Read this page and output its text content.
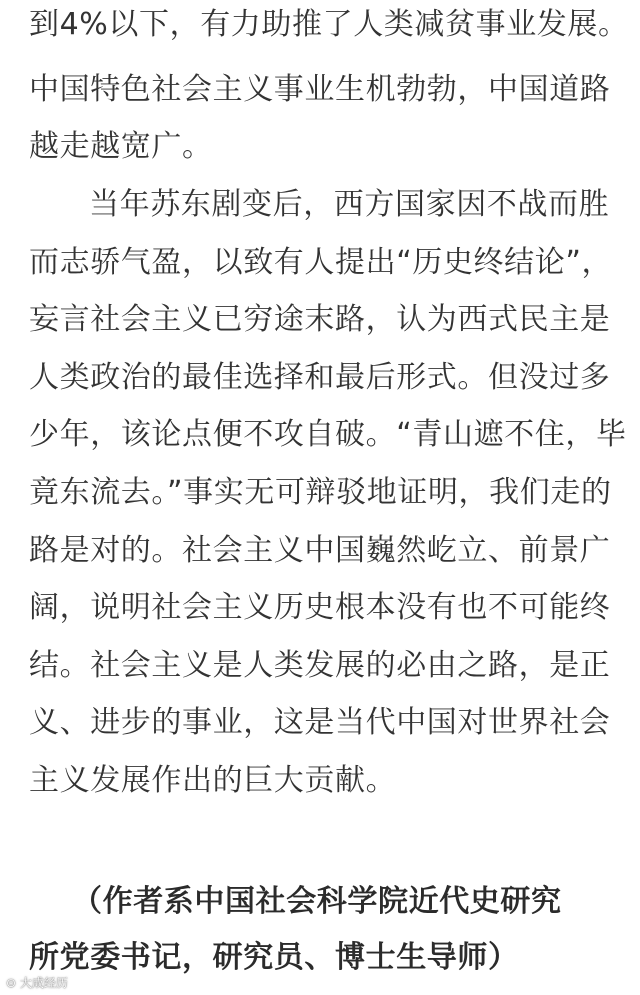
到4%以下，有力助推了人类减贫事业发展。
中国特色社会主义事业生机勃勃，中国道路
越走越宽广。
当年苏东剧变后，西方国家因不战而胜
而志骄气盈，以致有人提出“历史终结论”，
妄言社会主义已穷途末路，认为西式民主是
人类政治的最佳选择和最后形式。但没过多
少年，该论点便不攻自破。“青山遮不住，毕
竟东流去。”事实无可辩驳地证明，我们走的
路是对的。社会主义中国巍然屹立、前景广
阔，说明社会主义历史根本没有也不可能终
结。社会主义是人类发展的必由之路，是正
义、进步的事业，这是当代中国对世界社会
主义发展作出的巨大贡献。
（作者系中国社会科学院近代史研究
所党委书记，研究员、博士生导师）
⊙ 大成经历
